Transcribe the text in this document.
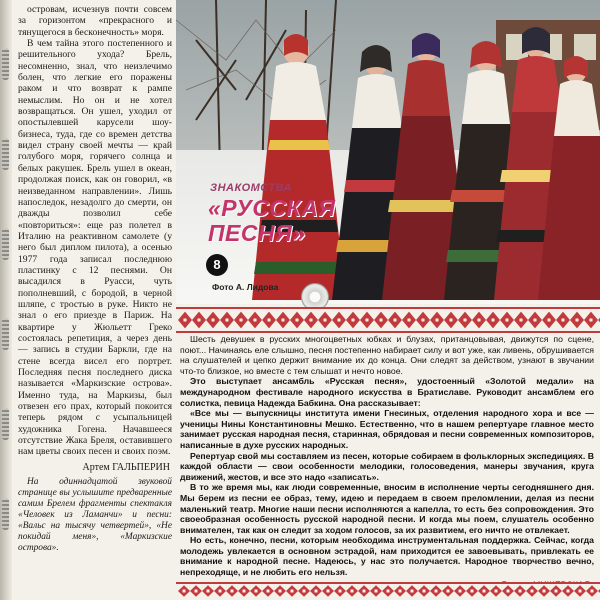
островам, исчезнув почти совсем за горизонтом «прекрасного и тянущегося в бесконечность» моря.

В чем тайна этого постепенного и решительного ухода? Брель, несомненно, знал, что неизлечимо болен, что легкие его поражены раком и что возврат к рампе немыслим. Но он и не хотел возвращаться. Он ушел, уходил от опостылевшей карусели шоу-бизнеса, туда, где со времен детства видел страну своей мечты — край голубого моря, горячего солнца и белых ракушек. Брель ушел в океан, продолжая поиск, как он говорил, «в неизведанном направлении». Лишь напоследок, незадолго до смерти, он дважды позволил себе «повториться»: еще раз полетел в Италию на реактивном самолете (у него был диплом пилота), а осенью 1977 года записал последнюю пластинку с 12 песнями. Он высадился в Руасси, чуть пополневший, с бородой, в черной шляпе, с тростью в руке. Никто не знал о его приезде в Париж. На квартире у Жюльетт Греко состоялась репетиция, а через день — запись в студии Баркли, где на стене всегда висел его портрет. Последняя песня последнего диска называется «Маркизские острова». Именно туда, на Маркизы, был отвезен его прах, который покоится теперь рядом с усыпальницей художника Гогена. Начавшееся отсутствие Жака Бреля, оставившего нам цветы своих песен и своих поэм.

Артем ГАЛЬПЕРИН

На одиннадцатой звуковой странице вы услышите предваренные самим Брелем фрагменты спектакля «Человек из Ламанчи» и песни: «Вальс на тысячу четвертей», «Не покидай меня», «Маркизские острова».

ЗНАКОМСТВА
«РУССКАЯ
ПЕСНЯ»
8
Фото А. Лидова

Шесть девушек в русских многоцветных юбках и блузах, пританцовывая, движутся по сцене, поют... Начинаясь еле слышно, песня постепенно набирает силу и вот уже, как ливень, обрушивается на слушателей и цепко держит внимание их до конца. Они следят за действом, узнают в звучании что-то близкое, но вместе с тем слышат и нечто новое.

Это выступает ансамбль «Русская песня», удостоенный «Золотой медали» на международном фестивале народного искусства в Братиславе. Руководит ансамблем его солистка, певица Надежда Бабкина. Она рассказывает:

«Все мы — выпускницы института имени Гнесиных, отделения народного хора и все — ученицы Нины Константиновны Мешко. Естественно, что в нашем репертуаре главное место занимает русская народная песня, старинная, обрядовая и песни современных композиторов, написанные в духе русских народных.

Репертуар свой мы составляем из песен, которые собираем в фольклорных экспедициях. В каждой области — свои особенности мелодики, голосоведения, манеры звучания, круга движений, жестов, и все это надо «записать».

В то же время мы, как люди современные, вносим в исполнение черты сегодняшнего дня. Мы берем из песни ее образ, тему, идею и передаем в своем преломлении, делая из песни маленький театр. Многие наши песни исполняются а капелла, то есть без сопровождения. Это своеобразная особенность русской народной песни. И когда мы поем, слушатель особенно внимателен, так как он следит за ходом голосов, за их развитием, его ничто не отвлекает.

Но есть, конечно, песни, которым необходима инструментальная поддержка. Сейчас, когда молодежь увлекается в основном эстрадой, нам приходится ее завоевывать, привлекать ее внимание к народной песне. Надеюсь, у нас это получается. Народное творчество вечно, непреходяще, и не любить его нельзя.
